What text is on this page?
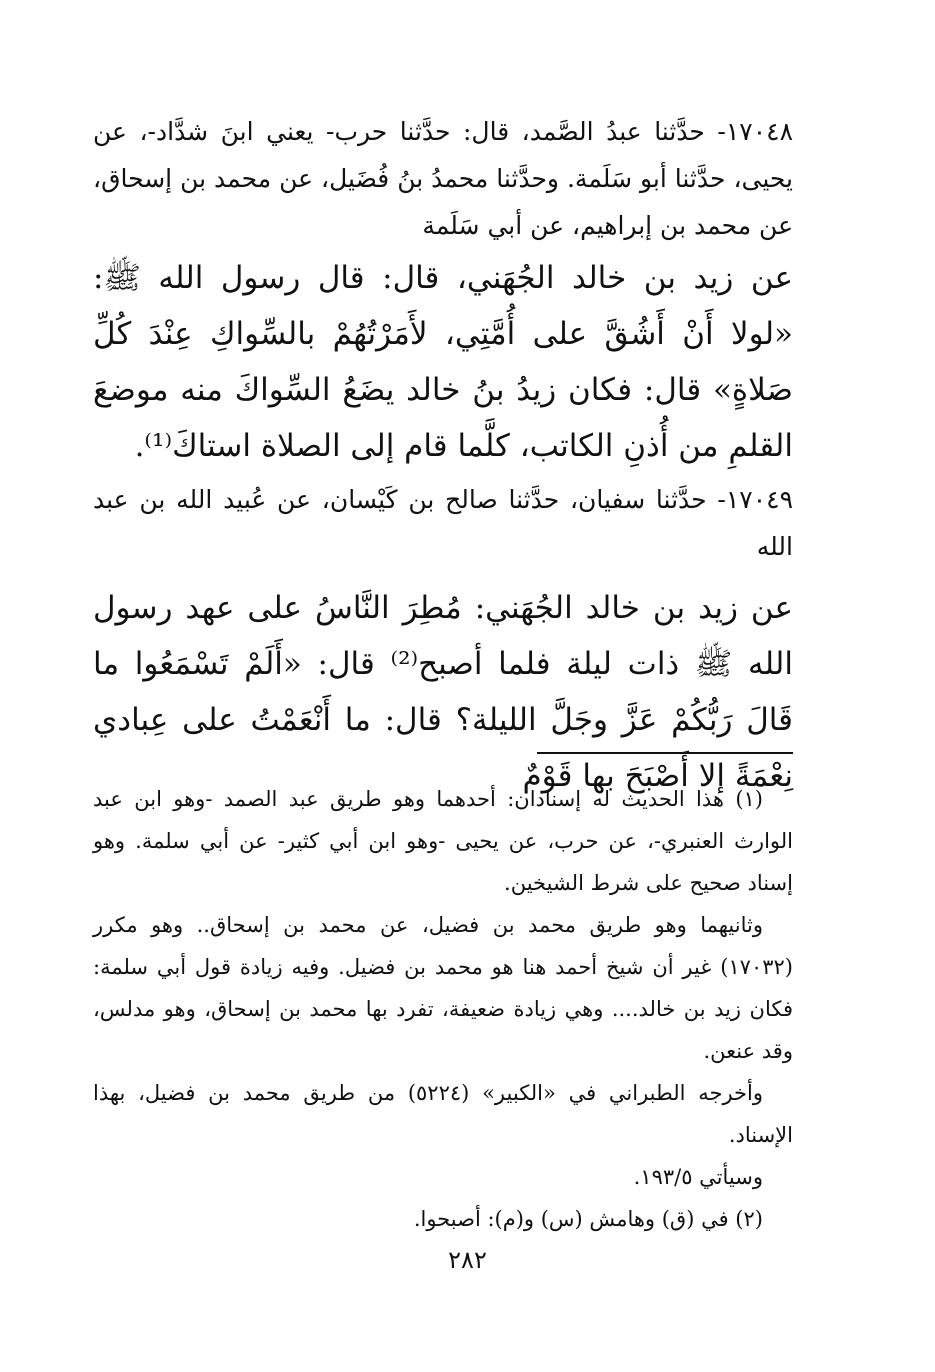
١٧٠٤٨- حدَّثنا عبدُ الصَّمد، قال: حدَّثنا حرب- يعني ابنَ شدَّاد-، عن يحيى، حدَّثنا أبو سَلَمة. وحدَّثنا محمدُ بنُ فُضَيل، عن محمد بن إسحاق، عن محمد بن إبراهيم، عن أبي سَلَمة
عن زيد بن خالد الجُهَني، قال: قال رسول الله ﷺ: «لولا أَنْ أَشُقَّ على أُمَّتِي، لأَمَرْتُهُمْ بالسِّواكِ عِنْدَ كُلِّ صَلاةٍ» قال: فكان زيدُ بنُ خالد يضَعُ السِّواكَ منه موضعَ القلمِ من أُذنِ الكاتب، كلَّما قام إلى الصلاة استاكَ⁽¹⁾.
١٧٠٤٩- حدَّثنا سفيان، حدَّثنا صالح بن كَيْسان، عن عُبيد الله بن عبد الله
عن زيد بن خالد الجُهَني: مُطِرَ النَّاسُ على عهد رسول الله ﷺ ذات ليلة فلما أصبح⁽²⁾ قال: «أَلَمْ تَسْمَعُوا ما قَالَ رَبُّكُمْ عَزَّ وجَلَّ الليلة؟ قال: ما أَنْعَمْتُ على عِبادي نِعْمَةً إلا أَصْبَحَ بها قَوْمٌ

(١) هذا الحديث له إسنادان: أحدهما وهو طريق عبد الصمد -وهو ابن عبد الوارث العنبري-، عن حرب، عن يحيى -وهو ابن أبي كثير- عن أبي سلمة. وهو إسناد صحيح على شرط الشيخين.

وثانيهما وهو طريق محمد بن فضيل، عن محمد بن إسحاق.. وهو مكرر (١٧٠٣٢) غير أن شيخ أحمد هنا هو محمد بن فضيل. وفيه زيادة قول أبي سلمة: فكان زيد بن خالد.... وهي زيادة ضعيفة، تفرد بها محمد بن إسحاق، وهو مدلس، وقد عنعن.

وأخرجه الطبراني في «الكبير» (٥٢٢٤) من طريق محمد بن فضيل، بهذا الإسناد.

وسيأتي ١٩٣/٥.

(٢) في (ق) وهامش (س) و(م): أصبحوا.

٢٨٢
